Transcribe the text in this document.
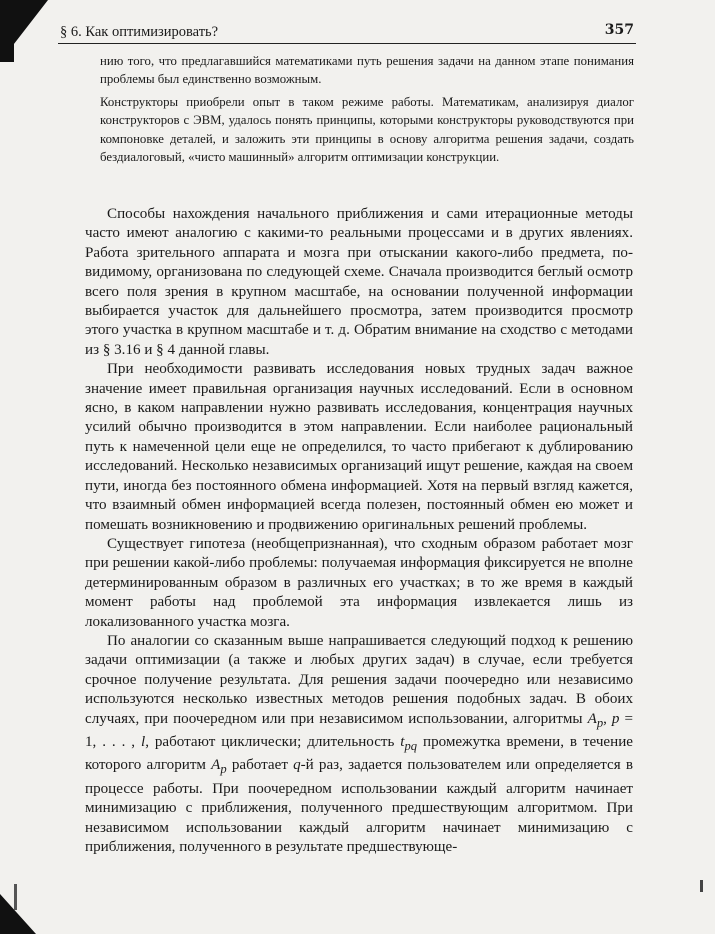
§ 6. Как оптимизировать?	357

нию того, что предлагавшийся математиками путь решения задачи на данном этапе понимания проблемы был единственно возможным.

Конструкторы приобрели опыт в таком режиме работы. Математикам, анализируя диалог конструкторов с ЭВМ, удалось понять принципы, которыми конструкторы руководствуются при компоновке деталей, и заложить эти принципы в основу алгоритма решения задачи, создать бездиалоговый, «чисто машинный» алгоритм оптимизации конструкции.

Способы нахождения начального приближения и сами итерационные методы часто имеют аналогию с какими-то реальными процессами и в других явлениях. Работа зрительного аппарата и мозга при отыскании какого-либо предмета, по-видимому, организована по следующей схеме. Сначала производится беглый осмотр всего поля зрения в крупном масштабе, на основании полученной информации выбирается участок для дальнейшего просмотра, затем производится просмотр этого участка в крупном масштабе и т. д. Обратим внимание на сходство с методами из § 3.16 и § 4 данной главы.

При необходимости развивать исследования новых трудных задач важное значение имеет правильная организация научных исследований. Если в основном ясно, в каком направлении нужно развивать исследования, концентрация научных усилий обычно производится в этом направлении. Если наиболее рациональный путь к намеченной цели еще не определился, то часто прибегают к дублированию исследований. Несколько независимых организаций ищут решение, каждая на своем пути, иногда без постоянного обмена информацией. Хотя на первый взгляд кажется, что взаимный обмен информацией всегда полезен, постоянный обмен ею может и помешать возникновению и продвижению оригинальных решений проблемы.

Существует гипотеза (необщепризнанная), что сходным образом работает мозг при решении какой-либо проблемы: получаемая информация фиксируется не вполне детерминированным образом в различных его участках; в то же время в каждый момент работы над проблемой эта информация извлекается лишь из локализованного участка мозга.

По аналогии со сказанным выше напрашивается следующий подход к решению задачи оптимизации (а также и любых других задач) в случае, если требуется срочное получение результата. Для решения задачи поочередно или независимо используются несколько известных методов решения подобных задач. В обоих случаях, при поочередном или при независимом использовании, алгоритмы $A_p$, p = 1, . . . , l, работают циклически; длительность $t_{pq}$ промежутка времени, в течение которого алгоритм $A_p$ работает q-й раз, задается пользователем или определяется в процессе работы. При поочередном использовании каждый алгоритм начинает минимизацию с приближения, полученного предшествующим алгоритмом. При независимом использовании каждый алгоритм начинает минимизацию с приближения, полученного в результате предшествующе-
